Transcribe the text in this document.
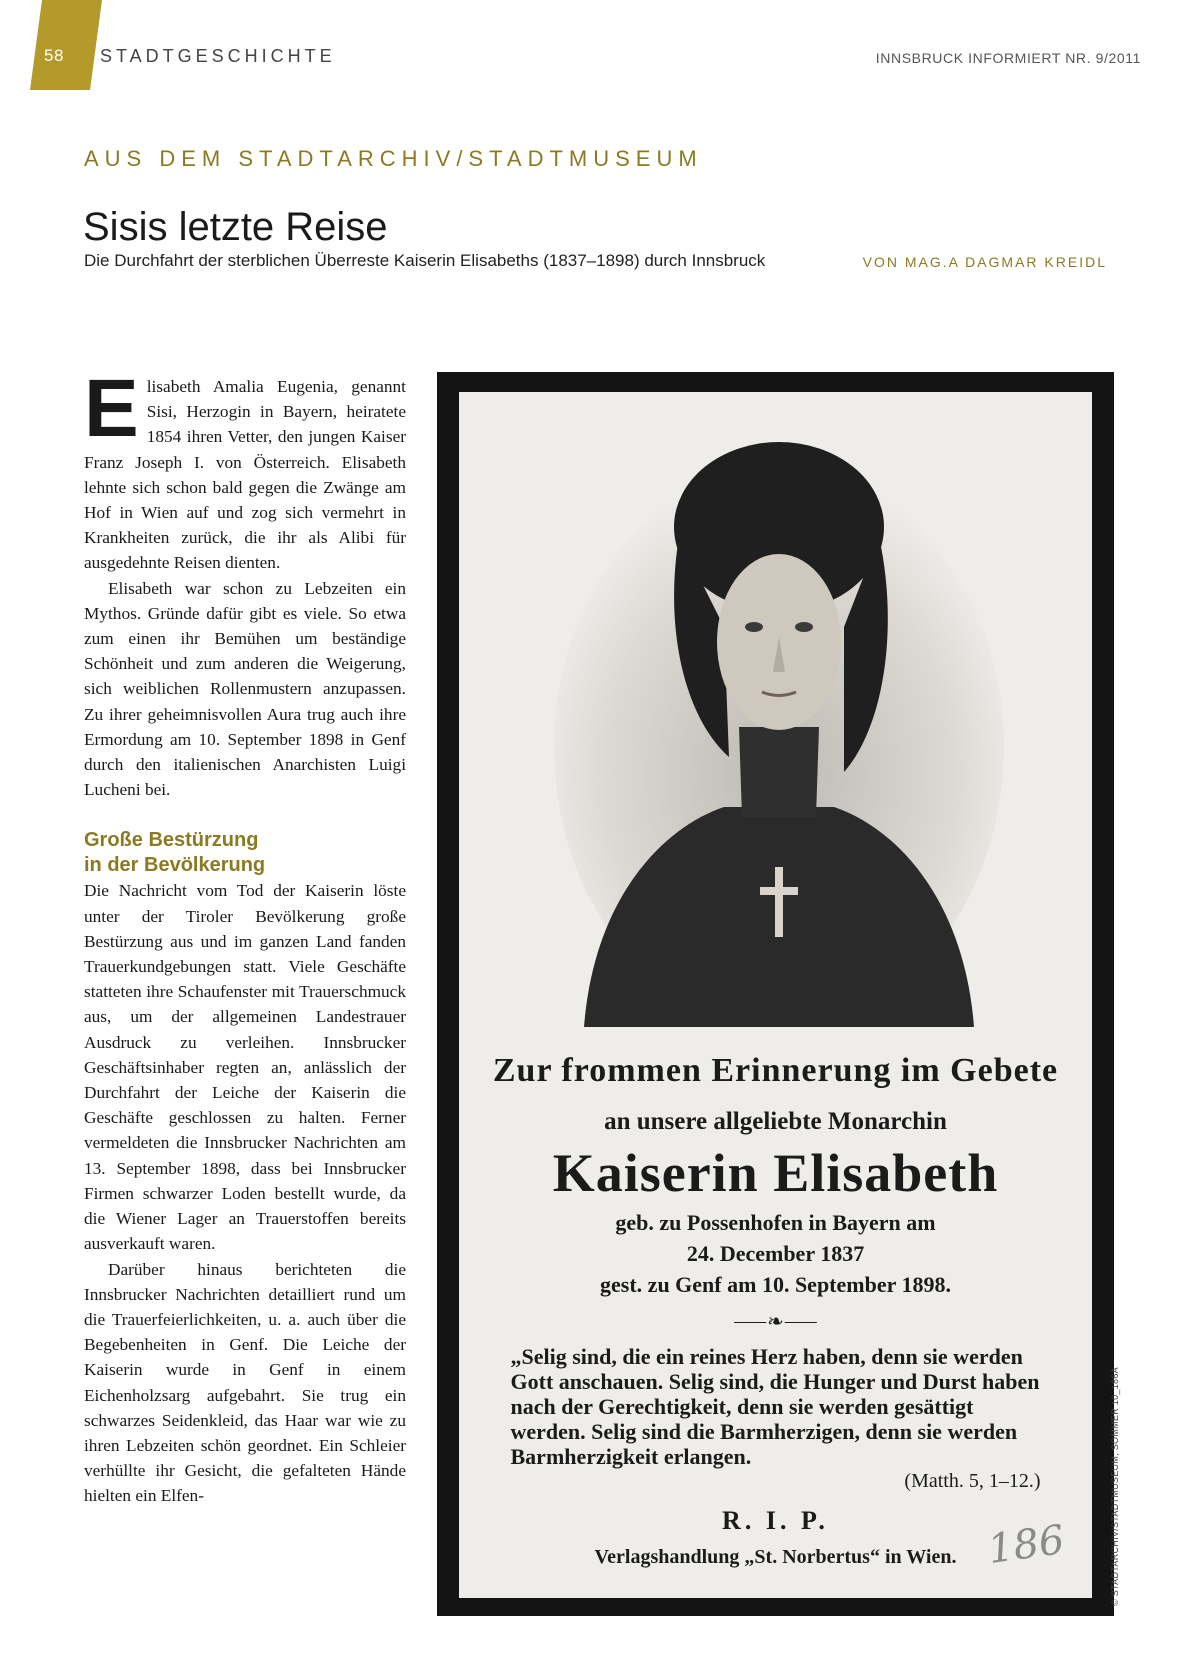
58 STADTGESCHICHTE	INNSBRUCK INFORMIERT NR. 9/2011
AUS DEM STADTARCHIV/STADTMUSEUM
Sisis letzte Reise
Die Durchfahrt der sterblichen Überreste Kaiserin Elisabeths (1837–1898) durch Innsbruck	VON MAG.A DAGMAR KREIDL

Elisabeth Amalia Eugenia, genannt Sisi, Herzogin in Bayern, heiratete 1854 ihren Vetter, den jungen Kaiser Franz Joseph I. von Österreich. Elisabeth lehnte sich schon bald gegen die Zwänge am Hof in Wien auf und zog sich vermehrt in Krankheiten zurück, die ihr als Alibi für ausgedehnte Reisen dienten.

Elisabeth war schon zu Lebzeiten ein Mythos. Gründe dafür gibt es viele. So etwa zum einen ihr Bemühen um beständige Schönheit und zum anderen die Weigerung, sich weiblichen Rollenmustern anzupassen. Zu ihrer geheimnisvollen Aura trug auch ihre Ermordung am 10. September 1898 in Genf durch den italienischen Anarchisten Luigi Lucheni bei.

Große Bestürzung
in der Bevölkerung

Die Nachricht vom Tod der Kaiserin löste unter der Tiroler Bevölkerung große Bestürzung aus und im ganzen Land fanden Trauerkundgebungen statt. Viele Geschäfte statteten ihre Schaufenster mit Trauerschmuck aus, um der allgemeinen Landestrauer Ausdruck zu verleihen. Innsbrucker Geschäftsinhaber regten an, anlässlich der Durchfahrt der Leiche der Kaiserin die Geschäfte geschlossen zu halten. Ferner vermeldeten die Innsbrucker Nachrichten am 13. September 1898, dass bei Innsbrucker Firmen schwarzer Loden bestellt wurde, da die Wiener Lager an Trauerstoffen bereits ausverkauft waren.

Darüber hinaus berichteten die Innsbrucker Nachrichten detailliert rund um die Trauerfeierlichkeiten, u. a. auch über die Begebenheiten in Genf. Die Leiche der Kaiserin wurde in Genf in einem Eichenholzsarg aufgebahrt. Sie trug ein schwarzes Seidenkleid, das Haar war wie zu ihren Lebzeiten schön geordnet. Ein Schleier verhüllte ihr Gesicht, die gefalteten Hände hielten ein Elfen-

Zur frommen Erinnerung im Gebete
an unsere allgeliebte Monarchin
Kaiserin Elisabeth
geb. zu Possenhofen in Bayern am
24. December 1837
gest. zu Genf am 10. September 1898.
⸺❧⸺

„Selig sind, die ein reines Herz haben, denn sie werden Gott anschauen. Selig sind, die Hunger und Durst haben nach der Gerechtigkeit, denn sie werden gesättigt werden. Selig sind die Barmherzigen, denn sie werden Barmherzigkeit erlangen.

(Matth. 5, 1–12.)
R. I. P.
Verlagshandlung „St. Norbertus“ in Wien. 186	© STADTARCHIV/STADTMUSEUM, SOMMER 10_186A
